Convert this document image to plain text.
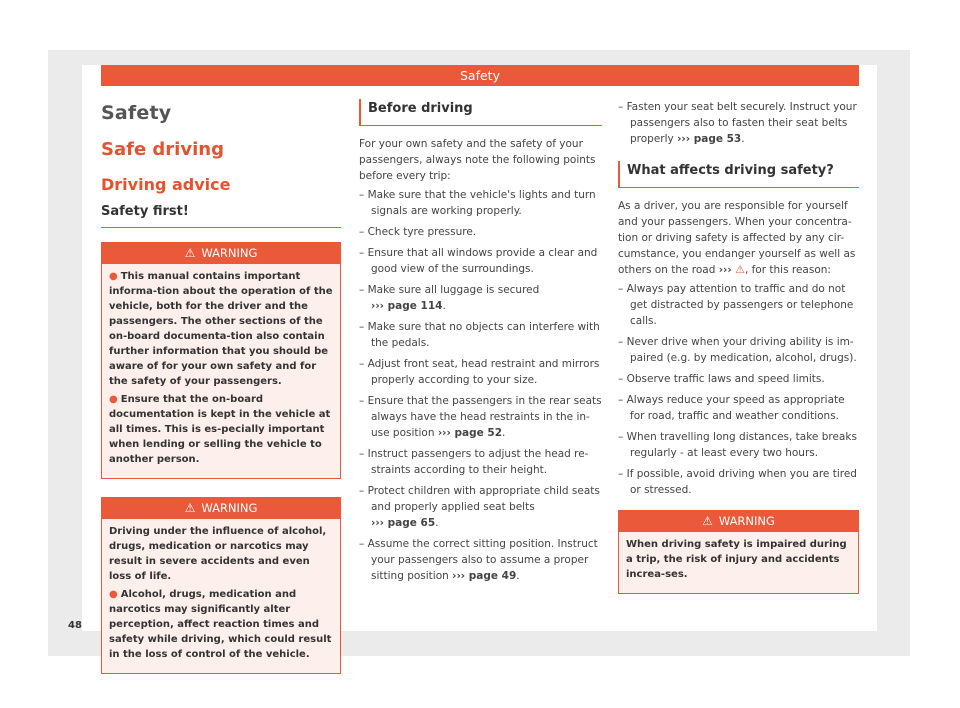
Safety
Safety
Safe driving
Driving advice
Safety first!
⚠ WARNING

● This manual contains important informa-tion about the operation of the vehicle, both for the driver and the passengers. The other sections of the on-board documenta-tion also contain further information that you should be aware of for your own safety and for the safety of your passengers.

● Ensure that the on-board documentation is kept in the vehicle at all times. This is es-pecially important when lending or selling the vehicle to another person.

⚠ WARNING

Driving under the influence of alcohol, drugs, medication or narcotics may result in severe accidents and even loss of life.

● Alcohol, drugs, medication and narcotics may significantly alter perception, affect reaction times and safety while driving, which could result in the loss of control of the vehicle.

Before driving

For your own safety and the safety of your passengers, always note the following points before every trip:

– Make sure that the vehicle's lights and turn signals are working properly.
– Check tyre pressure.
– Ensure that all windows provide a clear and good view of the surroundings.
– Make sure all luggage is secured
››› page 114.
– Make sure that no objects can interfere with the pedals.
– Adjust front seat, head restraint and mirrors properly according to your size.
– Ensure that the passengers in the rear seats always have the head restraints in the in-use position ››› page 52.
– Instruct passengers to adjust the head re-straints according to their height.
– Protect children with appropriate child seats and properly applied seat belts
››› page 65.
– Assume the correct sitting position. Instruct your passengers also to assume a proper sitting position ››› page 49.
– Fasten your seat belt securely. Instruct your passengers also to fasten their seat belts properly ››› page 53.
What affects driving safety?

As a driver, you are responsible for yourself and your passengers. When your concentra-tion or driving safety is affected by any cir-cumstance, you endanger yourself as well as others on the road ››› ⚠, for this reason:

– Always pay attention to traffic and do not get distracted by passengers or telephone calls.
– Never drive when your driving ability is im-paired (e.g. by medication, alcohol, drugs).
– Observe traffic laws and speed limits.
– Always reduce your speed as appropriate for road, traffic and weather conditions.
– When travelling long distances, take breaks regularly - at least every two hours.
– If possible, avoid driving when you are tired or stressed.
⚠ WARNING

When driving safety is impaired during a trip, the risk of injury and accidents increa-ses.

48
